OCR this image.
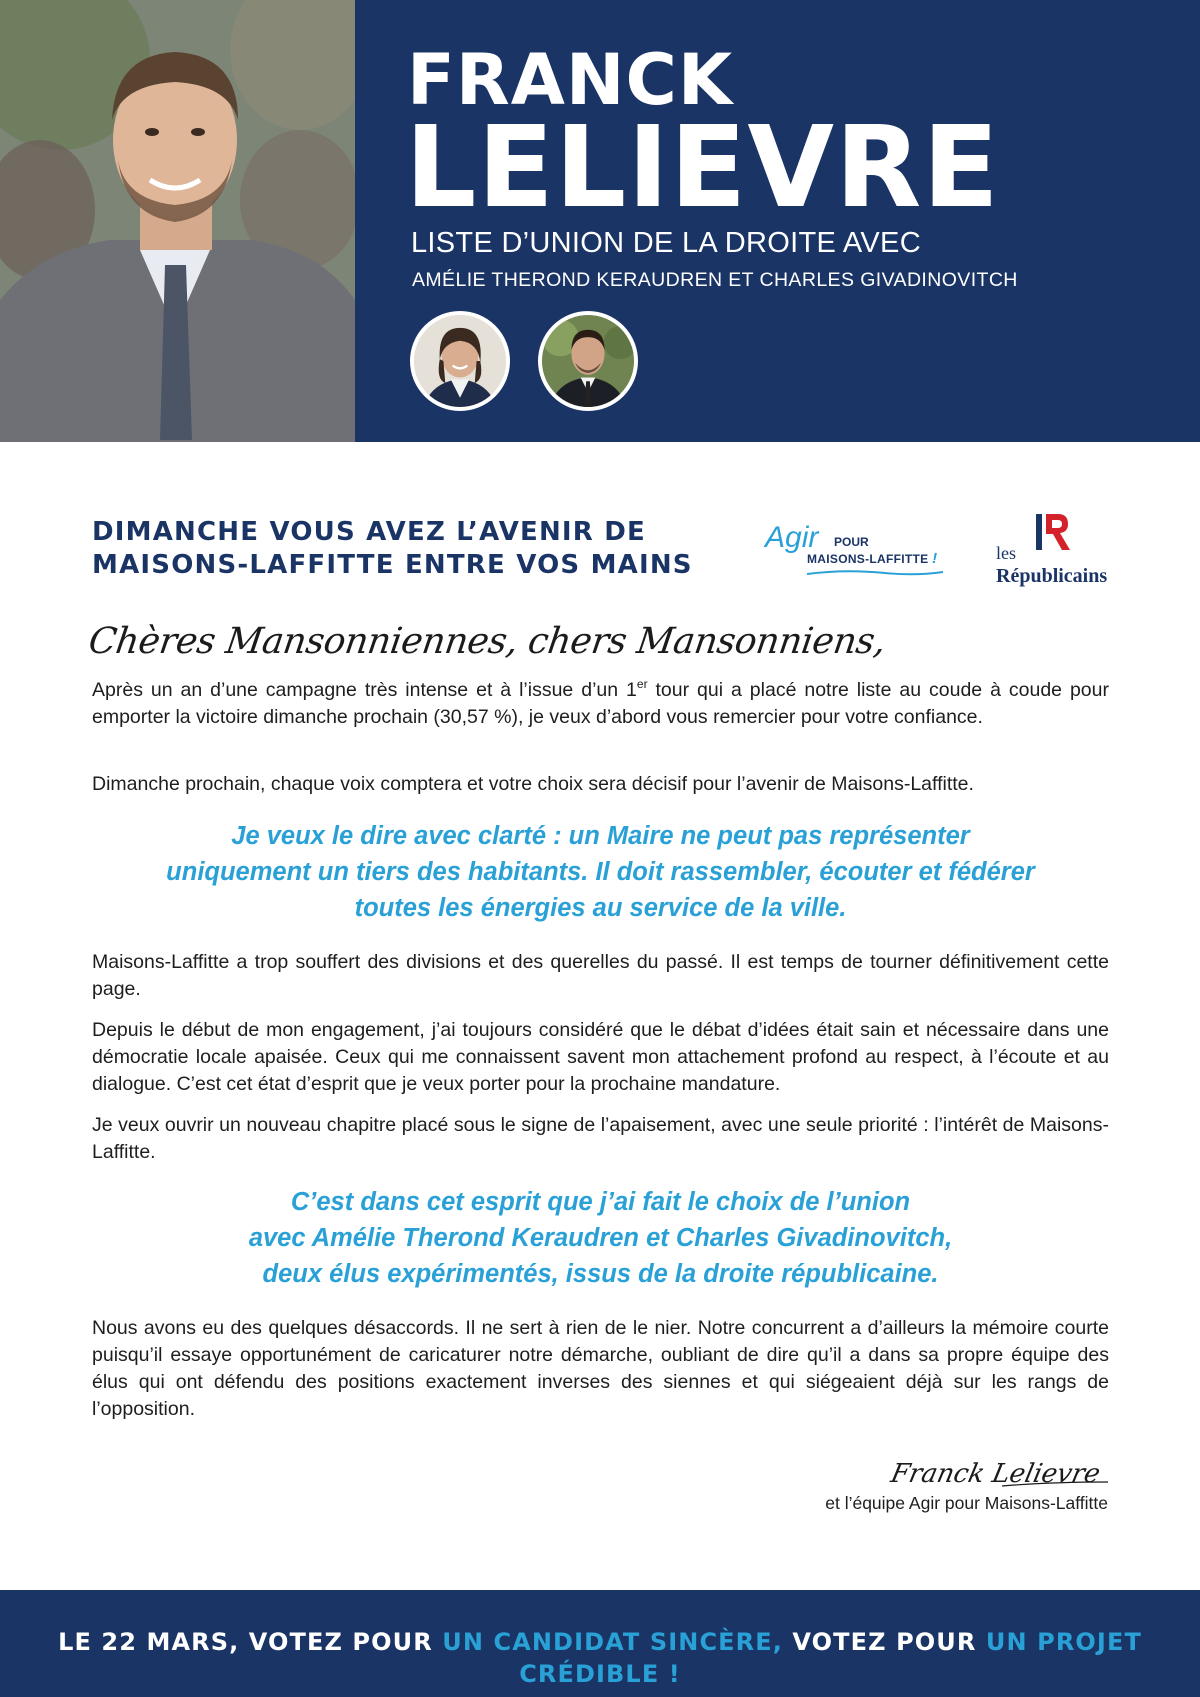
FRANCK
LELIEVRE
LISTE D’UNION DE LA DROITE AVEC
AMÉLIE THEROND KERAUDREN ET CHARLES GIVADINOVITCH
DIMANCHE VOUS AVEZ L’AVENIR DE
MAISONS-LAFFITTE ENTRE VOS MAINS
Agir POUR
MAISONS-LAFFITTE !	les
Républicains
Chères Mansonniennes, chers Mansonniens,

Après un an d’une campagne très intense et à l’issue d’un 1er tour qui a placé notre liste au coude à coude pour emporter la victoire dimanche prochain (30,57 %), je veux d’abord vous remercier pour votre confiance.

Dimanche prochain, chaque voix comptera et votre choix sera décisif pour l’avenir de Maisons-Laffitte.

Je veux le dire avec clarté : un Maire ne peut pas représenter
uniquement un tiers des habitants. Il doit rassembler, écouter et fédérer
toutes les énergies au service de la ville.

Maisons-Laffitte a trop souffert des divisions et des querelles du passé. Il est temps de tourner définitivement cette page.

Depuis le début de mon engagement, j’ai toujours considéré que le débat d’idées était sain et nécessaire dans une démocratie locale apaisée. Ceux qui me connaissent savent mon attachement profond au respect, à l’écoute et au dialogue. C’est cet état d’esprit que je veux porter pour la prochaine mandature.

Je veux ouvrir un nouveau chapitre placé sous le signe de l’apaisement, avec une seule priorité : l’intérêt de Maisons-Laffitte.

C’est dans cet esprit que j’ai fait le choix de l’union
avec Amélie Therond Keraudren et Charles Givadinovitch,
deux élus expérimentés, issus de la droite républicaine.

Nous avons eu des quelques désaccords. Il ne sert à rien de le nier. Notre concurrent a d’ailleurs la mémoire courte puisqu’il essaye opportunément de caricaturer notre démarche, oubliant de dire qu’il a dans sa propre équipe des élus qui ont défendu des positions exactement inverses des siennes et qui siégeaient déjà sur les rangs de l’opposition.

Franck Lelievre
et l’équipe Agir pour Maisons-Laffitte
LE 22 MARS, VOTEZ POUR UN CANDIDAT SINCÈRE, VOTEZ POUR UN PROJET CRÉDIBLE !
